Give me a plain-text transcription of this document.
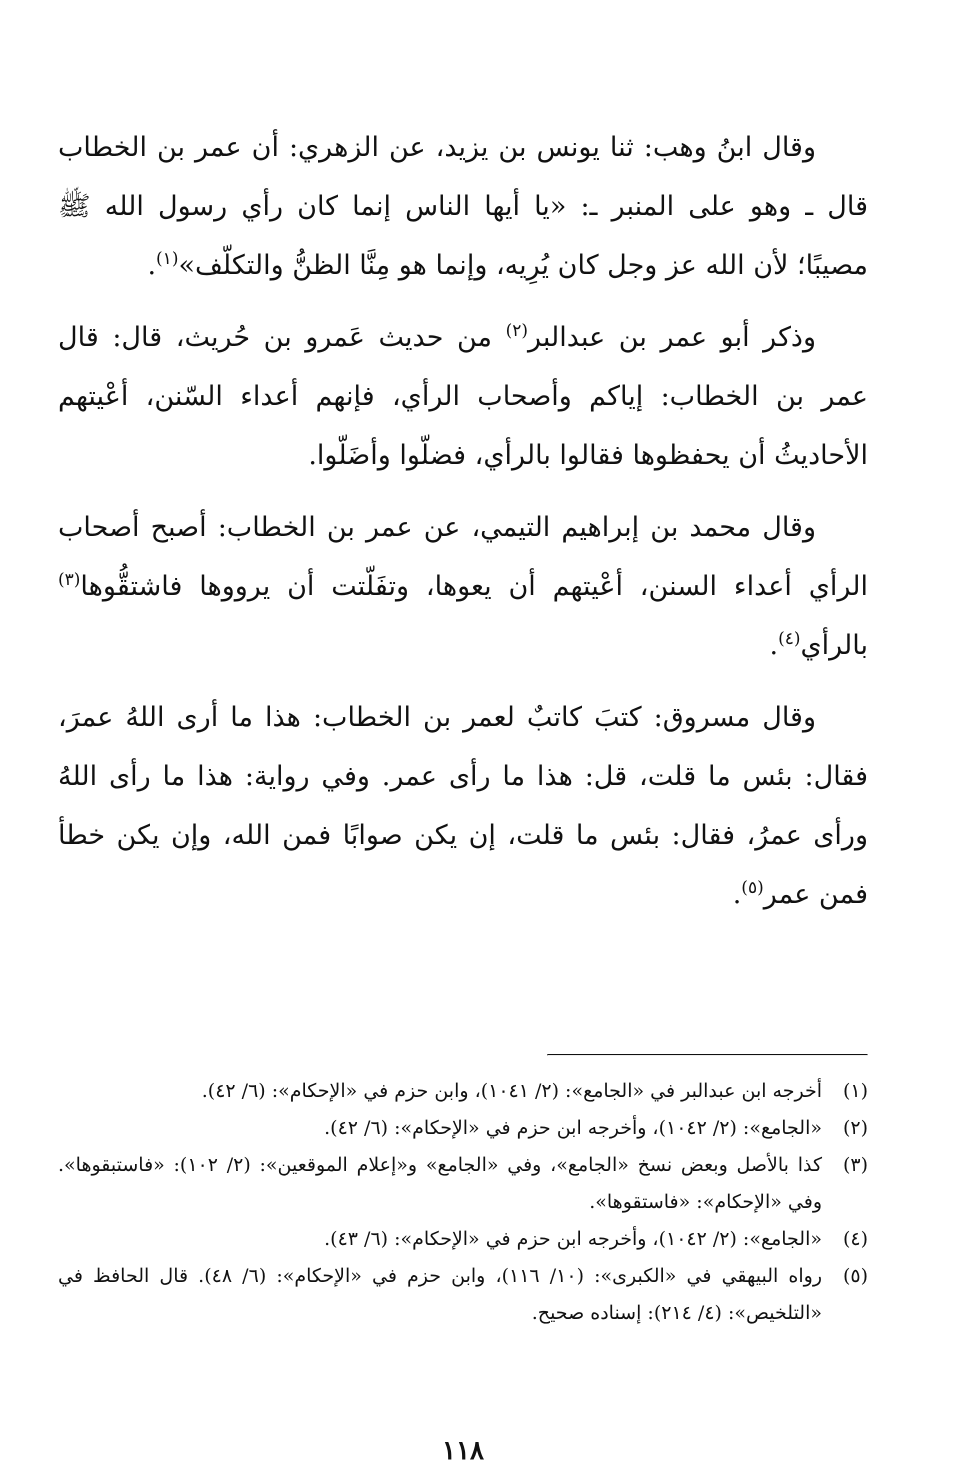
وقال ابنُ وهب: ثنا يونس بن يزيد، عن الزهري: أن عمر بن الخطاب قال ـ وهو على المنبر ـ: «يا أيها الناس إنما كان رأي رسول الله ﷺ مصيبًا؛ لأن الله عز وجل كان يُرِيه، وإنما هو مِنَّا الظنُّ والتكلّف»$^{(١)}$.

وذكر أبو عمر بن عبدالبر$^{(٢)}$ من حديث عَمرو بن حُريث، قال: قال عمر بن الخطاب: إياكم وأصحاب الرأي، فإنهم أعداء السّنن، أعْيتهم الأحاديثُ أن يحفظوها فقالوا بالرأي، فضلّوا وأضَلّوا.

وقال محمد بن إبراهيم التيمي، عن عمر بن الخطاب: أصبح أصحاب الرأي أعداء السنن، أعْيتهم أن يعوها، وتفَلّتت أن يرووها فاشتقُّوها$^{(٣)}$ بالرأي$^{(٤)}$.

وقال مسروق: كتبَ كاتبٌ لعمر بن الخطاب: هذا ما أرى اللهُ عمرَ، فقال: بئس ما قلت، قل: هذا ما رأى عمر. وفي رواية: هذا ما رأى اللهُ ورأى عمرُ، فقال: بئس ما قلت، إن يكن صوابًا فمن الله، وإن يكن خطأ فمن عمر$^{(٥)}$.

(١)
أخرجه ابن عبدالبر في «الجامع»: (٢/ ١٠٤١)، وابن حزم في «الإحكام»: (٦/ ٤٢).
(٢)
«الجامع»: (٢/ ١٠٤٢)، وأخرجه ابن حزم في «الإحكام»: (٦/ ٤٢).
(٣)
كذا بالأصل وبعض نسخ «الجامع»، وفي «الجامع» و«إعلام الموقعين»: (٢/ ١٠٢): «فاستبقوها». وفي «الإحكام»: «فاستقوها».
(٤)
«الجامع»: (٢/ ١٠٤٢)، وأخرجه ابن حزم في «الإحكام»: (٦/ ٤٣).
(٥)
رواه البيهقي في «الكبرى»: (١٠/ ١١٦)، وابن حزم في «الإحكام»: (٦/ ٤٨). قال الحافظ في «التلخيص»: (٤/ ٢١٤): إسناده صحيح.
١١٨
